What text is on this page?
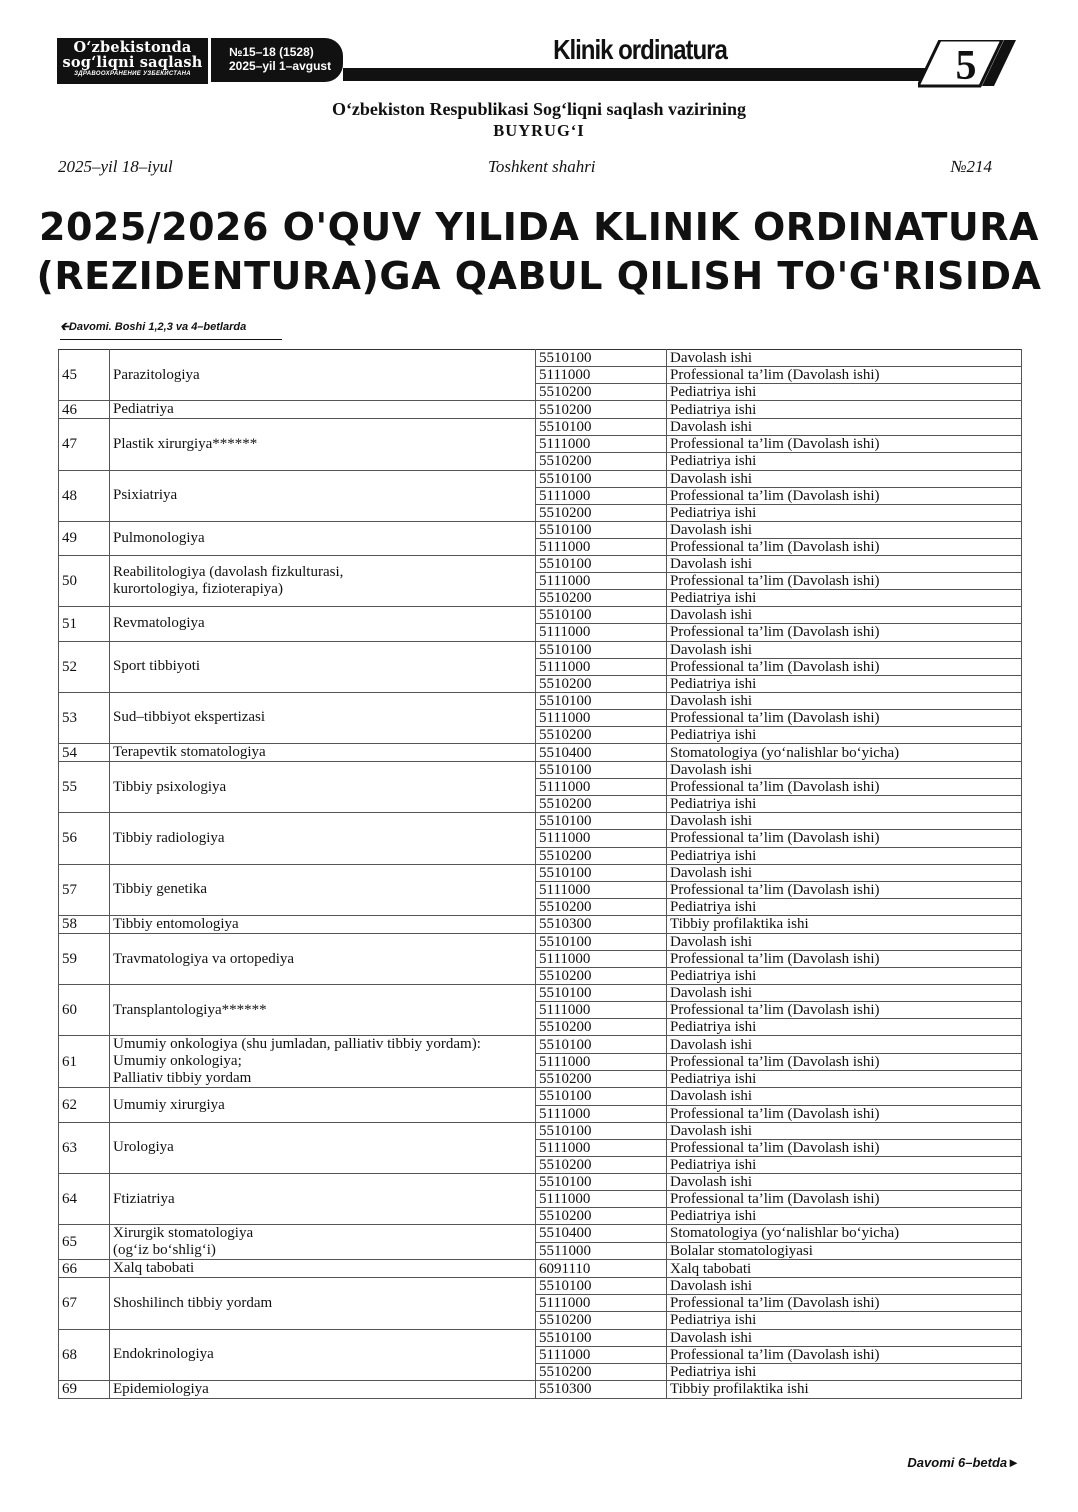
O‘zbekistonda
sog‘liqni saqlash
ЗДРАВООХРАНЕНИЕ УЗБЕКИСТАНА
№15–18 (1528)
2025–yil 1–avgust
Klinik ordinatura	5
O‘zbekiston Respublikasi Sog‘liqni saqlash vazirining
BUYRUG‘I
2025–yil 18–iyul	Toshkent shahri	№214
2025/2026 O'QUV YILIDA KLINIK ORDINATURA
(REZIDENTURA)GA QABUL QILISH TO'G'RISIDA
🡰Davomi. Boshi 1,2,3 va 4–betlarda
45	Parazitologiya	5510100	Davolash ishi
		5111000	Professional ta’lim (Davolash ishi)
		5510200	Pediatriya ishi
46	Pediatriya	5510200	Pediatriya ishi
47	Plastik xirurgiya******	5510100	Davolash ishi
		5111000	Professional ta’lim (Davolash ishi)
		5510200	Pediatriya ishi
48	Psixiatriya	5510100	Davolash ishi
		5111000	Professional ta’lim (Davolash ishi)
		5510200	Pediatriya ishi
49	Pulmonologiya	5510100	Davolash ishi
		5111000	Professional ta’lim (Davolash ishi)
50	Reabilitologiya (davolash fizkulturasi,
kurortologiya, fizioterapiya)	5510100	Davolash ishi
		5111000	Professional ta’lim (Davolash ishi)
		5510200	Pediatriya ishi
51	Revmatologiya	5510100	Davolash ishi
		5111000	Professional ta’lim (Davolash ishi)
52	Sport tibbiyoti	5510100	Davolash ishi
		5111000	Professional ta’lim (Davolash ishi)
		5510200	Pediatriya ishi
53	Sud–tibbiyot ekspertizasi	5510100	Davolash ishi
		5111000	Professional ta’lim (Davolash ishi)
		5510200	Pediatriya ishi
54	Terapevtik stomatologiya	5510400	Stomatologiya (yo‘nalishlar bo‘yicha)
55	Tibbiy psixologiya	5510100	Davolash ishi
		5111000	Professional ta’lim (Davolash ishi)
		5510200	Pediatriya ishi
56	Tibbiy radiologiya	5510100	Davolash ishi
		5111000	Professional ta’lim (Davolash ishi)
		5510200	Pediatriya ishi
57	Tibbiy genetika	5510100	Davolash ishi
		5111000	Professional ta’lim (Davolash ishi)
		5510200	Pediatriya ishi
58	Tibbiy entomologiya	5510300	Tibbiy profilaktika ishi
59	Travmatologiya va ortopediya	5510100	Davolash ishi
		5111000	Professional ta’lim (Davolash ishi)
		5510200	Pediatriya ishi
60	Transplantologiya******	5510100	Davolash ishi
		5111000	Professional ta’lim (Davolash ishi)
		5510200	Pediatriya ishi
61	Umumiy onkologiya (shu jumladan, palliativ tibbiy yordam):
Umumiy onkologiya;
Palliativ tibbiy yordam	5510100	Davolash ishi
		5111000	Professional ta’lim (Davolash ishi)
		5510200	Pediatriya ishi
62	Umumiy xirurgiya	5510100	Davolash ishi
		5111000	Professional ta’lim (Davolash ishi)
63	Urologiya	5510100	Davolash ishi
		5111000	Professional ta’lim (Davolash ishi)
		5510200	Pediatriya ishi
64	Ftiziatriya	5510100	Davolash ishi
		5111000	Professional ta’lim (Davolash ishi)
		5510200	Pediatriya ishi
65	Xirurgik stomatologiya
(og‘iz bo‘shlig‘i)	5510400	Stomatologiya (yo‘nalishlar bo‘yicha)
		5511000	Bolalar stomatologiyasi
66	Xalq tabobati	6091110	Xalq tabobati
67	Shoshilinch tibbiy yordam	5510100	Davolash ishi
		5111000	Professional ta’lim (Davolash ishi)
		5510200	Pediatriya ishi
68	Endokrinologiya	5510100	Davolash ishi
		5111000	Professional ta’lim (Davolash ishi)
		5510200	Pediatriya ishi
69	Epidemiologiya	5510300	Tibbiy profilaktika ishi
Davomi 6–betda►
